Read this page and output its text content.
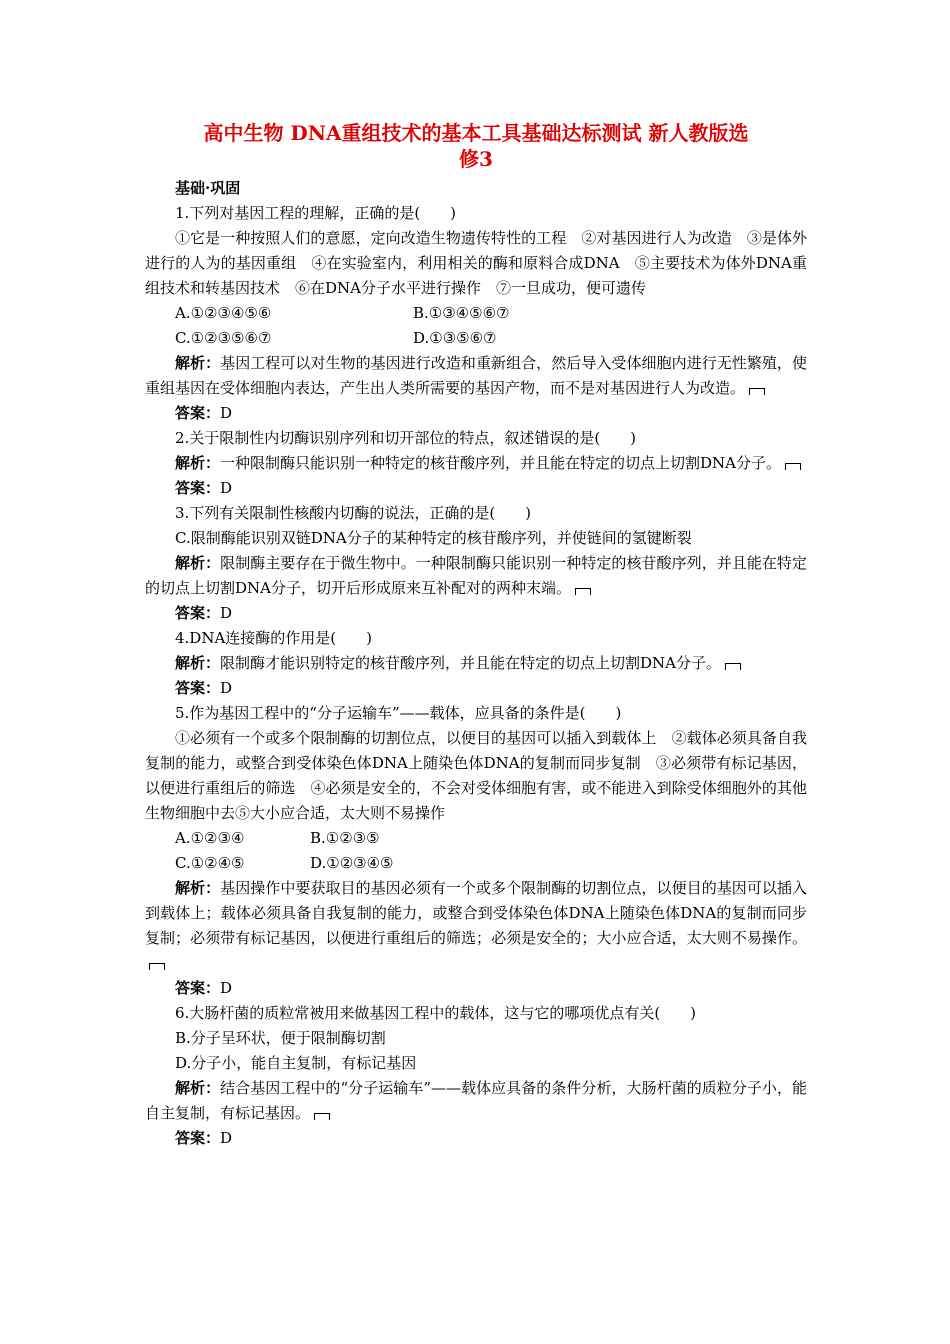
高中生物 DNA重组技术的基本工具基础达标测试 新人教版选
修3

基础·巩固

1.下列对基因工程的理解，正确的是(　　)

①它是一种按照人们的意愿，定向改造生物遗传特性的工程　②对基因进行人为改造　③是体外进行的人为的基因重组　④在实验室内，利用相关的酶和原料合成DNA　⑤主要技术为体外DNA重组技术和转基因技术　⑥在DNA分子水平进行操作　⑦一旦成功，便可遗传

A.①②③④⑤⑥	B.①③④⑤⑥⑦
C.①②③⑤⑥⑦	D.①③⑤⑥⑦

解析：基因工程可以对生物的基因进行改造和重新组合，然后导入受体细胞内进行无性繁殖，使重组基因在受体细胞内表达，产生出人类所需要的基因产物，而不是对基因进行人为改造。

答案：D

2.关于限制性内切酶识别序列和切开部位的特点，叙述错误的是(　　)

解析：一种限制酶只能识别一种特定的核苷酸序列，并且能在特定的切点上切割DNA分子。

答案：D

3.下列有关限制性核酸内切酶的说法，正确的是(　　)

C.限制酶能识别双链DNA分子的某种特定的核苷酸序列，并使链间的氢键断裂

解析：限制酶主要存在于微生物中。一种限制酶只能识别一种特定的核苷酸序列，并且能在特定的切点上切割DNA分子，切开后形成原来互补配对的两种末端。

答案：D

4.DNA连接酶的作用是(　　)

解析：限制酶才能识别特定的核苷酸序列，并且能在特定的切点上切割DNA分子。

答案：D

5.作为基因工程中的“分子运输车”——载体，应具备的条件是(　　)

①必须有一个或多个限制酶的切割位点，以便目的基因可以插入到载体上　②载体必须具备自我复制的能力，或整合到受体染色体DNA上随染色体DNA的复制而同步复制　③必须带有标记基因，以便进行重组后的筛选　④必须是安全的，不会对受体细胞有害，或不能进入到除受体细胞外的其他生物细胞中去⑤大小应合适，太大则不易操作

A.①②③④	B.①②③⑤
C.①②④⑤	D.①②③④⑤

解析：基因操作中要获取目的基因必须有一个或多个限制酶的切割位点，以便目的基因可以插入到载体上；载体必须具备自我复制的能力，或整合到受体染色体DNA上随染色体DNA的复制而同步复制；必须带有标记基因，以便进行重组后的筛选；必须是安全的；大小应合适，太大则不易操作。

答案：D

6.大肠杆菌的质粒常被用来做基因工程中的载体，这与它的哪项优点有关(　　)

B.分子呈环状，便于限制酶切割

D.分子小，能自主复制，有标记基因

解析：结合基因工程中的“分子运输车”——载体应具备的条件分析，大肠杆菌的质粒分子小，能自主复制，有标记基因。

答案：D
